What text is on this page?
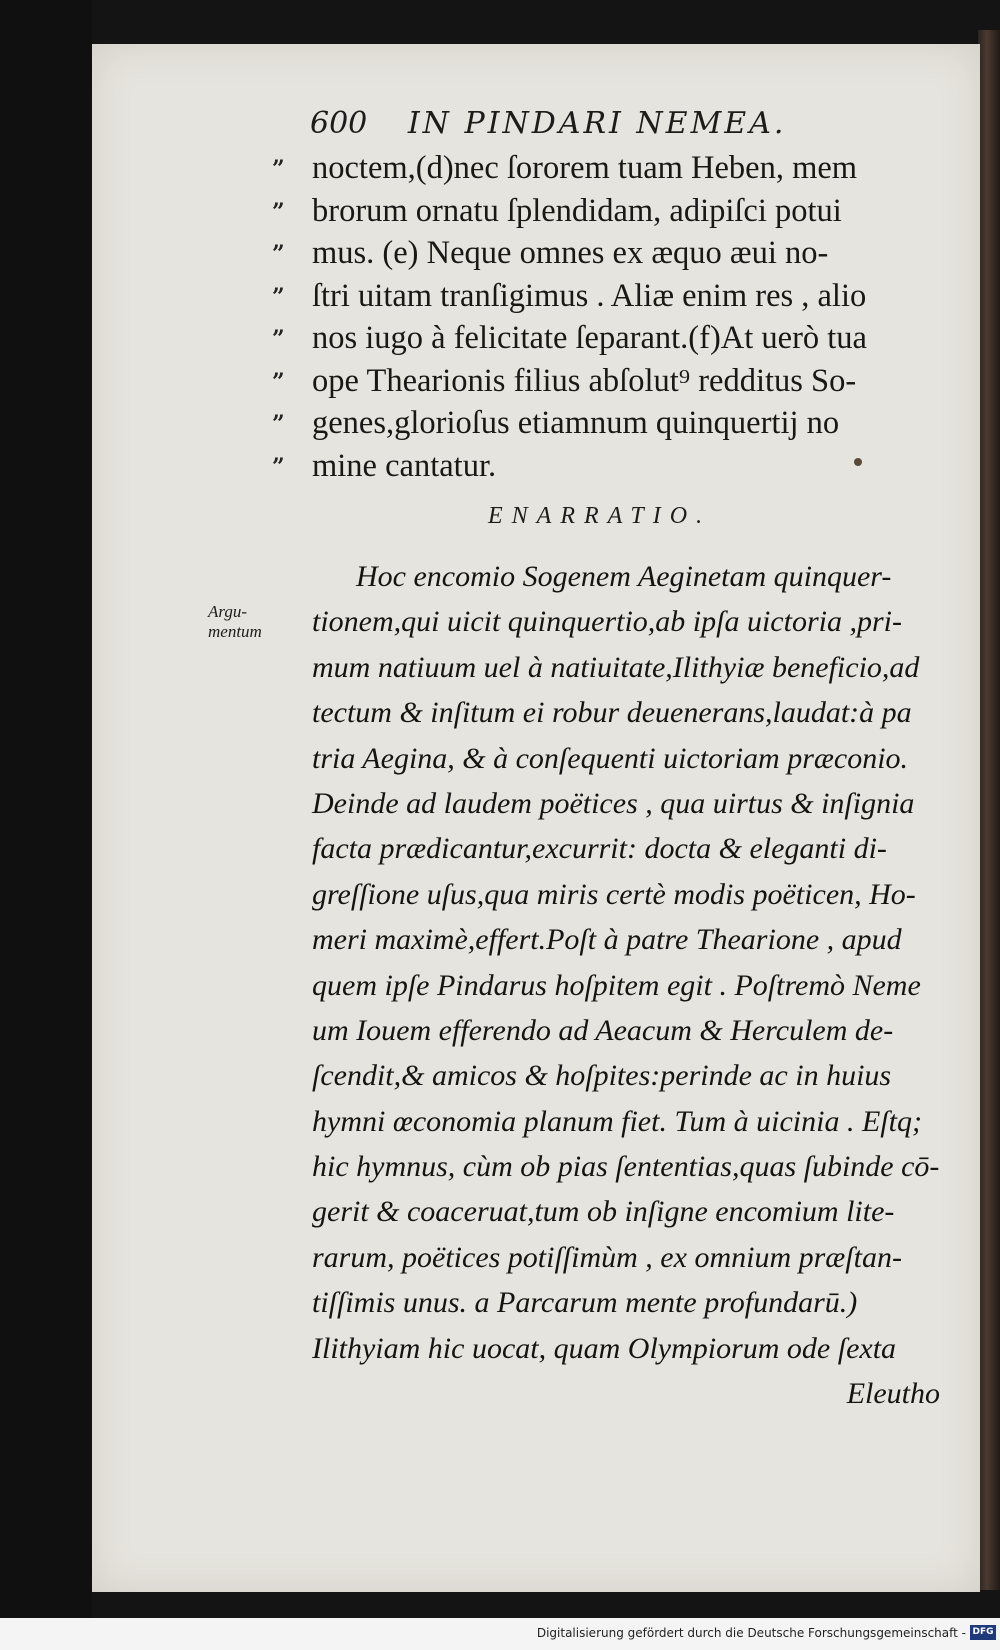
600 IN PINDARI NEMEA.
” noctem,(d)nec ſororem tuam Heben, mem
” brorum ornatu ſplendidam, adipiſci potui
” mus. (e) Neque omnes ex æquo æui no-
” ſtri uitam tranſigimus . Aliæ enim res , alio
” nos iugo à felicitate ſeparant.(f)At uerò tua
” ope Thearionis filius abſolut⁹ redditus So-
” genes,glorioſus etiamnum quinquertij no
” mine cantatur.
ENARRATIO.
Argu-mentum
Hoc encomio Sogenem Aeginetam quinquer-
tionem,qui uicit quinquertio,ab ipſa uictoria ,pri-
mum natiuum uel à natiuitate,Ilithyiæ beneficio,ad
tectum & inſitum ei robur deuenerans,laudat:à pa
tria Aegina, & à conſequenti uictoriam præconio.
Deinde ad laudem poëtices , qua uirtus & inſignia
facta prædicantur,excurrit: docta & eleganti di-
greſſione uſus,qua miris certè modis poëticen, Ho-
meri maximè,effert.Poſt à patre Thearione , apud
quem ipſe Pindarus hoſpitem egit . Poſtremò Neme
um Iouem efferendo ad Aeacum & Herculem de-
ſcendit,& amicos & hoſpites:perinde ac in huius
hymni œconomia planum fiet. Tum à uicinia . Eſtq;
hic hymnus, cùm ob pias ſententias,quas ſubinde cō-
gerit & coaceruat,tum ob inſigne encomium lite-
rarum, poëtices potiſſimùm , ex omnium præſtan-
tiſſimis unus. a Parcarum mente profundarū.)
Ilithyiam hic uocat, quam Olympiorum ode ſexta
Eleutho
Digitalisierung gefördert durch die Deutsche Forschungsgemeinschaft - DFG
